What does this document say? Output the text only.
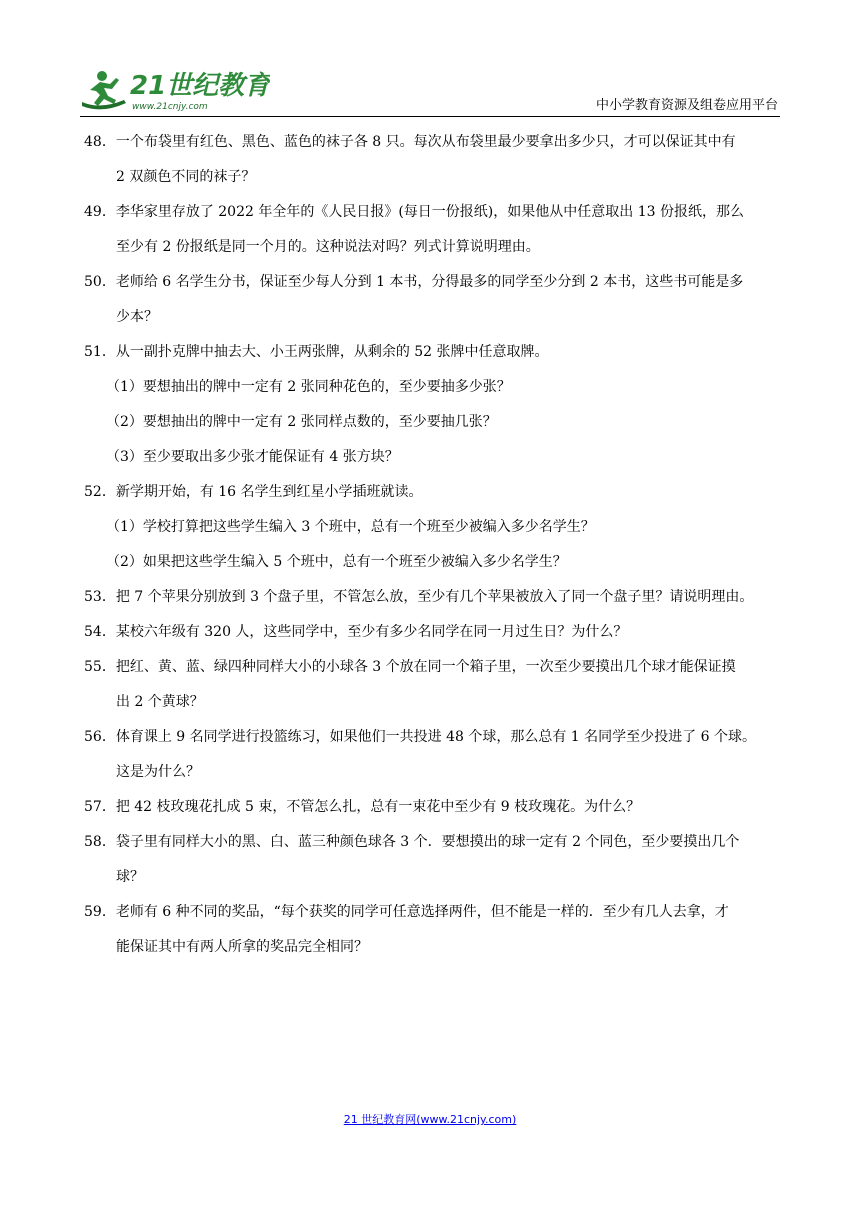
21世纪教育
www.21cnjy.com	中小学教育资源及组卷应用平台
48．一个布袋里有红色、黑色、蓝色的袜子各 8 只。每次从布袋里最少要拿出多少只，才可以保证其中有
2 双颜色不同的袜子？
49．李华家里存放了 2022 年全年的《人民日报》(每日一份报纸)，如果他从中任意取出 13 份报纸，那么
至少有 2 份报纸是同一个月的。这种说法对吗？列式计算说明理由。
50．老师给 6 名学生分书，保证至少每人分到 1 本书，分得最多的同学至少分到 2 本书，这些书可能是多
少本？
51．从一副扑克牌中抽去大、小王两张牌，从剩余的 52 张牌中任意取牌。
（1）要想抽出的牌中一定有 2 张同种花色的，至少要抽多少张？
（2）要想抽出的牌中一定有 2 张同样点数的，至少要抽几张？
（3）至少要取出多少张才能保证有 4 张方块？
52．新学期开始，有 16 名学生到红星小学插班就读。
（1）学校打算把这些学生编入 3 个班中，总有一个班至少被编入多少名学生？
（2）如果把这些学生编入 5 个班中，总有一个班至少被编入多少名学生？
53．把 7 个苹果分别放到 3 个盘子里，不管怎么放，至少有几个苹果被放入了同一个盘子里？请说明理由。
54．某校六年级有 320 人，这些同学中，至少有多少名同学在同一月过生日？为什么？
55．把红、黄、蓝、绿四种同样大小的小球各 3 个放在同一个箱子里，一次至少要摸出几个球才能保证摸
出 2 个黄球？
56．体育课上 9 名同学进行投篮练习，如果他们一共投进 48 个球，那么总有 1 名同学至少投进了 6 个球。
这是为什么？
57．把 42 枝玫瑰花扎成 5 束，不管怎么扎，总有一束花中至少有 9 枝玫瑰花。为什么？
58．袋子里有同样大小的黑、白、蓝三种颜色球各 3 个．要想摸出的球一定有 2 个同色，至少要摸出几个
球？
59．老师有 6 种不同的奖品，“每个获奖的同学可任意选择两件，但不能是一样的．至少有几人去拿，才
能保证其中有两人所拿的奖品完全相同？
21 世纪教育网(www.21cnjy.com)
